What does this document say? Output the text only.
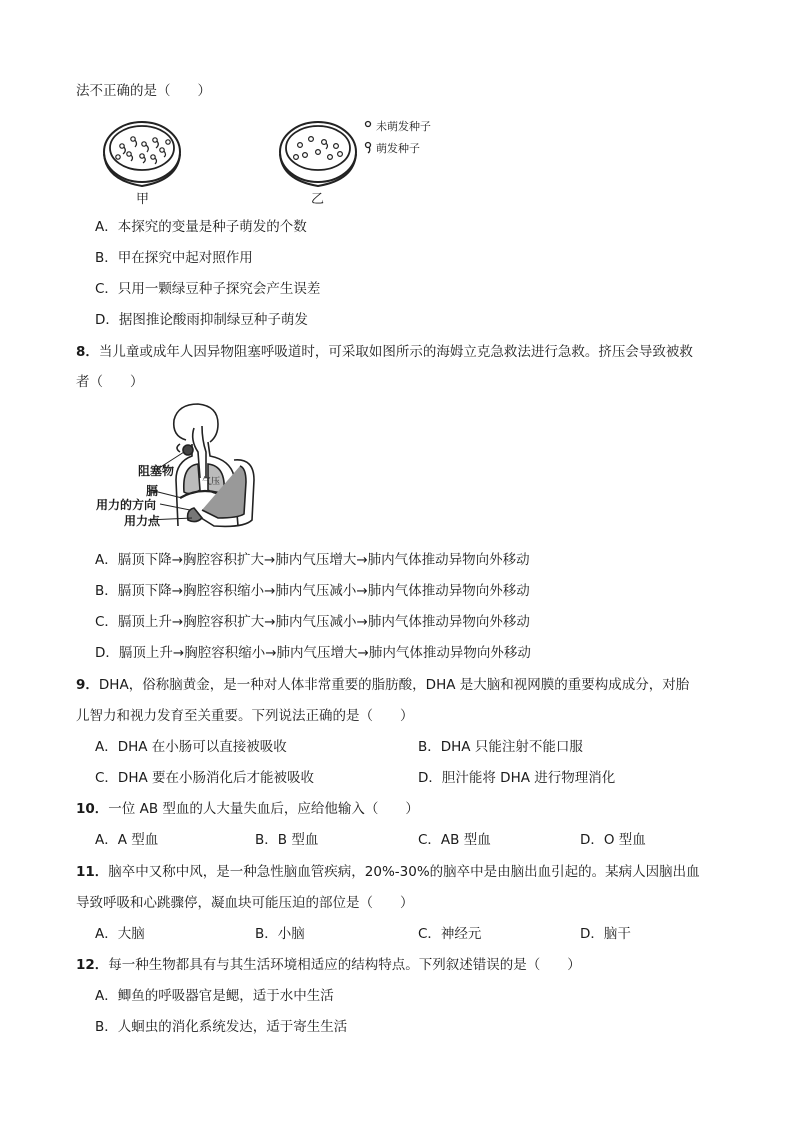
法不正确的是（　　）
未萌发种子
萌发种子
甲	乙
A．本探究的变量是种子萌发的个数
B．甲在探究中起对照作用
C．只用一颗绿豆种子探究会产生误差
D．据图推论酸雨抑制绿豆种子萌发
8．当儿童或成年人因异物阻塞呼吸道时，可采取如图所示的海姆立克急救法进行急救。挤压会导致被救
者（　　）
气压
阻塞物
膈
用力的方向
用力点
A．膈顶下降→胸腔容积扩大→肺内气压增大→肺内气体推动异物向外移动
B．膈顶下降→胸腔容积缩小→肺内气压减小→肺内气体推动异物向外移动
C．膈顶上升→胸腔容积扩大→肺内气压减小→肺内气体推动异物向外移动
D．膈顶上升→胸腔容积缩小→肺内气压增大→肺内气体推动异物向外移动
9．DHA，俗称脑黄金，是一种对人体非常重要的脂肪酸，DHA 是大脑和视网膜的重要构成成分，对胎
儿智力和视力发育至关重要。下列说法正确的是（　　）
A．DHA 在小肠可以直接被吸收	B．DHA 只能注射不能口服
C．DHA 要在小肠消化后才能被吸收	D．胆汁能将 DHA 进行物理消化
10．一位 AB 型血的人大量失血后，应给他输入（　　）
A．A 型血	B．B 型血	C．AB 型血	D．O 型血
11．脑卒中又称中风，是一种急性脑血管疾病，20%-30%的脑卒中是由脑出血引起的。某病人因脑出血
导致呼吸和心跳骤停，凝血块可能压迫的部位是（　　）
A．大脑	B．小脑	C．神经元	D．脑干
12．每一种生物都具有与其生活环境相适应的结构特点。下列叙述错误的是（　　）
A．鲫鱼的呼吸器官是鳃，适于水中生活
B．人蛔虫的消化系统发达，适于寄生生活
